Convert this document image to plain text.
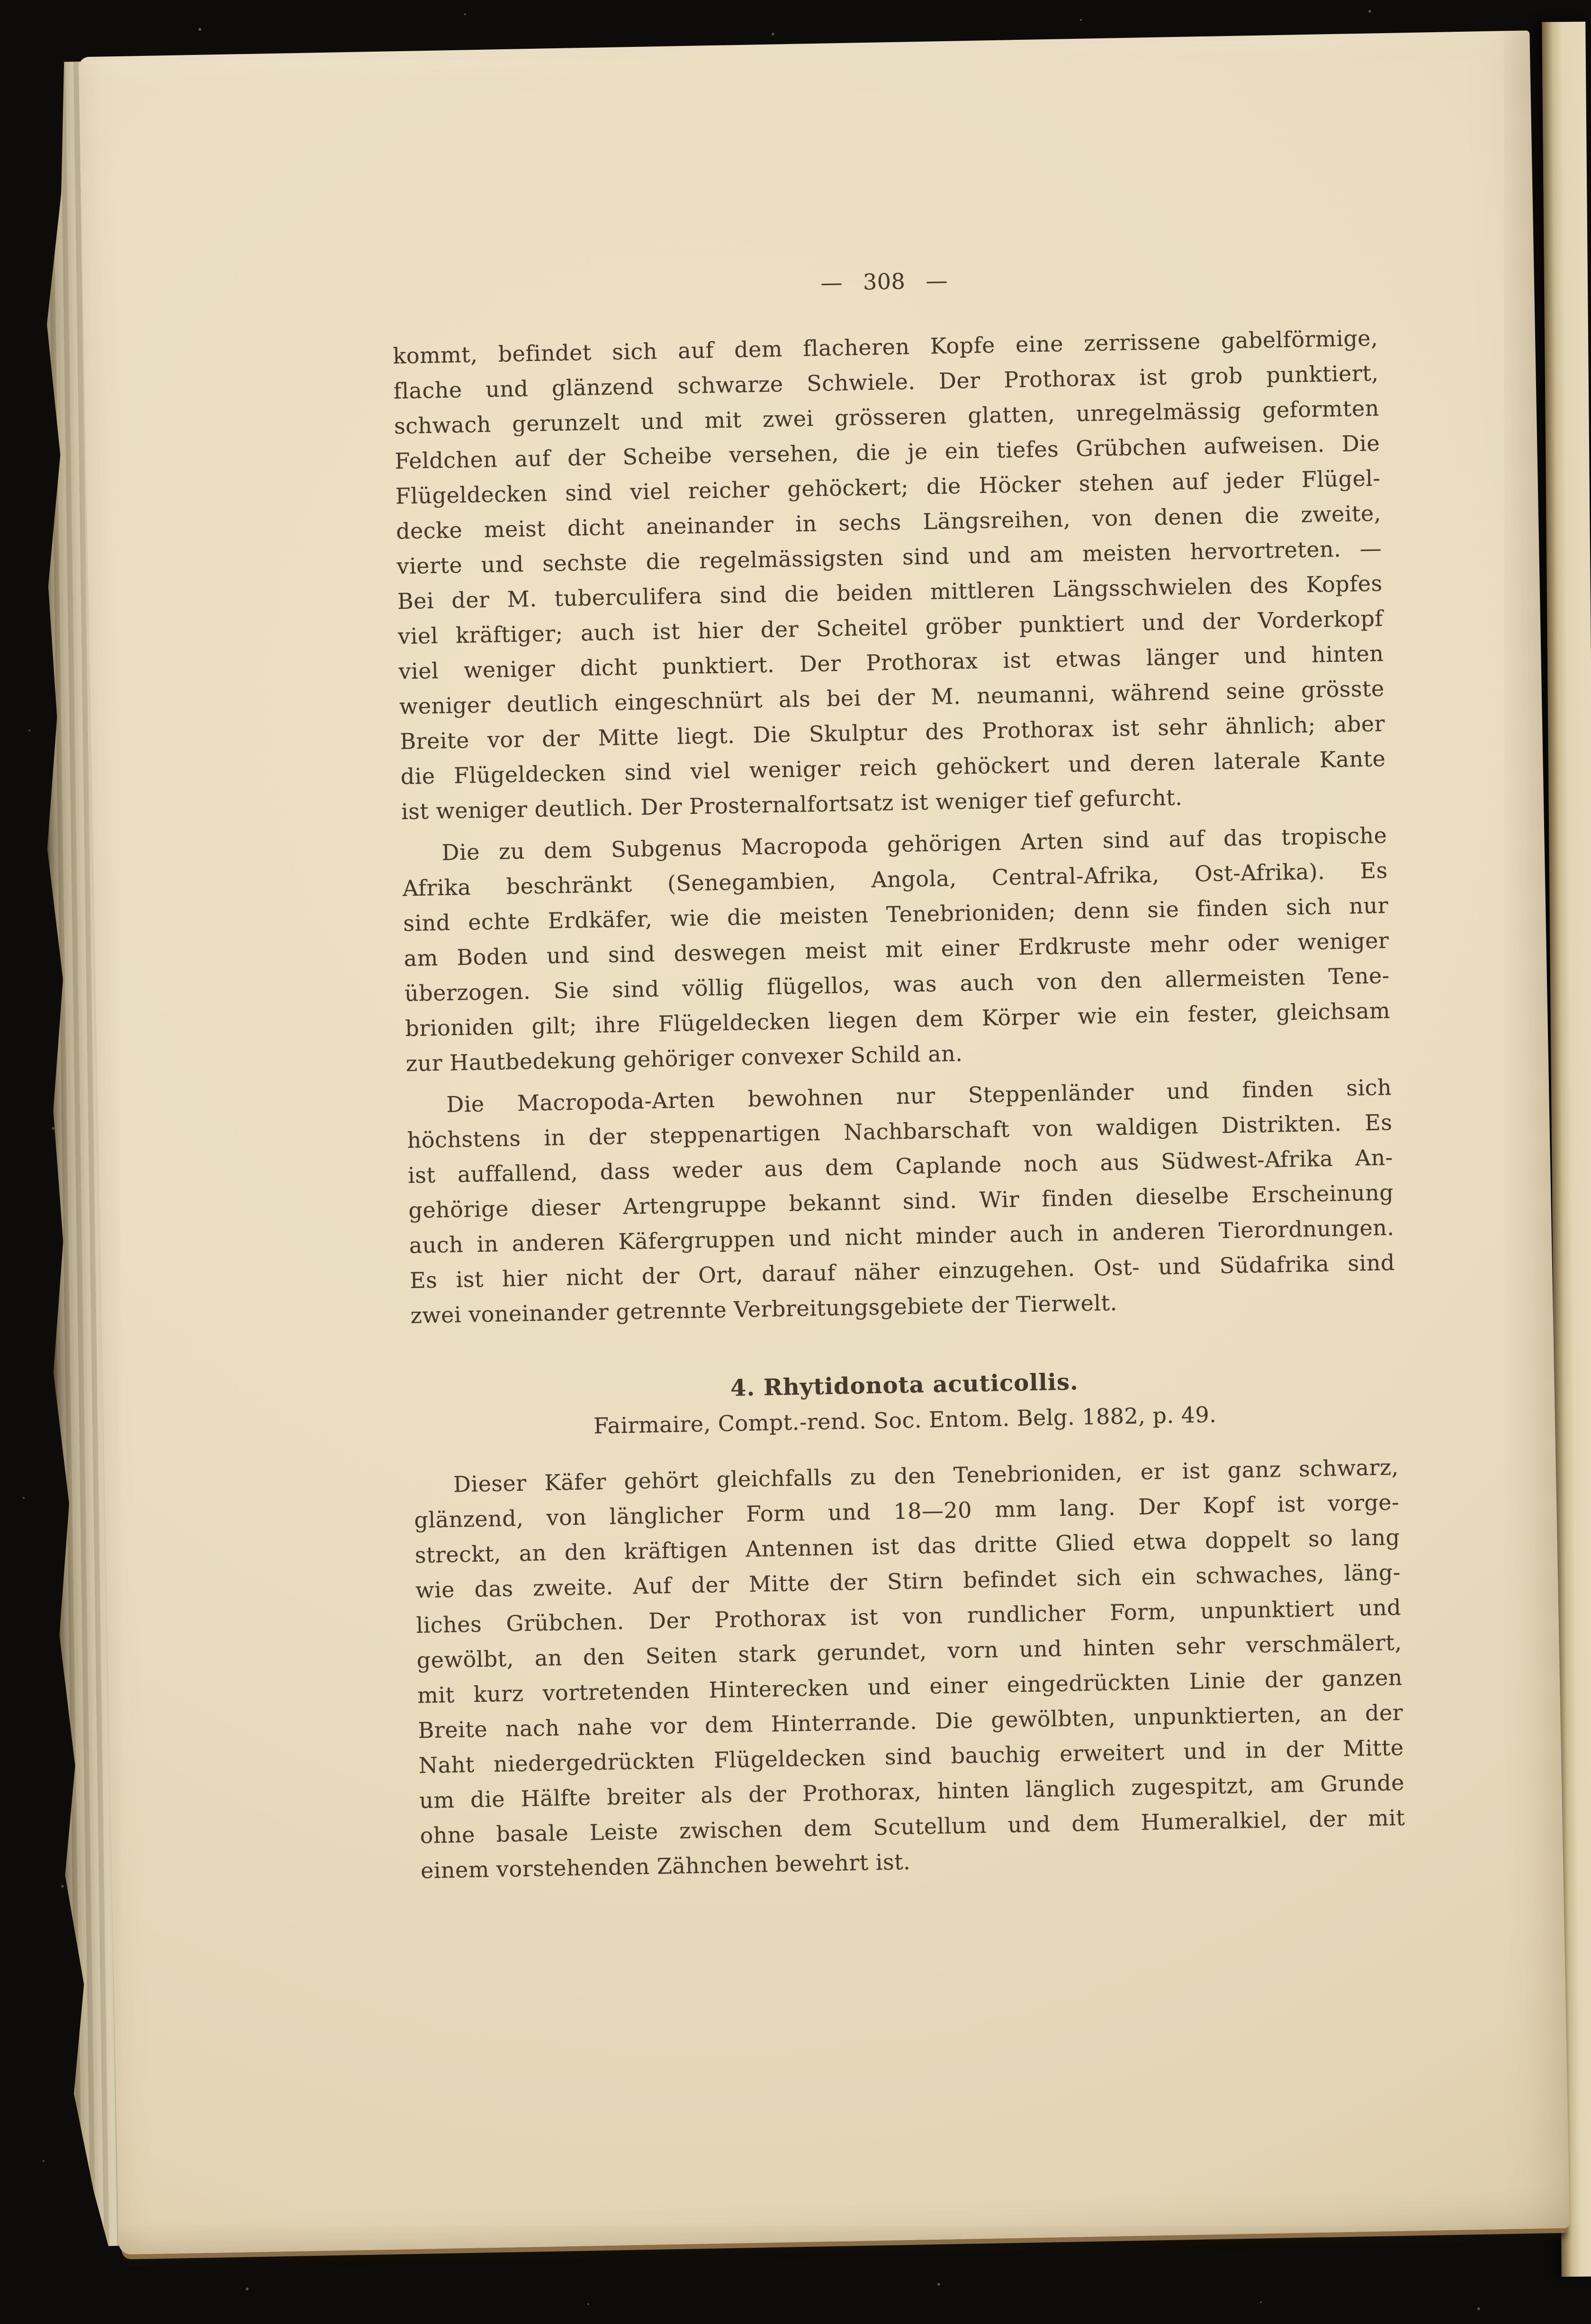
— 308 —
kommt, befindet sich auf dem flacheren Kopfe eine zerrissene gabelförmige,
flache und glänzend schwarze Schwiele. Der Prothorax ist grob punktiert,
schwach gerunzelt und mit zwei grösseren glatten, unregelmässig geformten
Feldchen auf der Scheibe versehen, die je ein tiefes Grübchen aufweisen. Die
Flügeldecken sind viel reicher gehöckert; die Höcker stehen auf jeder Flügel-
decke meist dicht aneinander in sechs Längsreihen, von denen die zweite,
vierte und sechste die regelmässigsten sind und am meisten hervortreten. —
Bei der M. tuberculifera sind die beiden mittleren Längsschwielen des Kopfes
viel kräftiger; auch ist hier der Scheitel gröber punktiert und der Vorderkopf
viel weniger dicht punktiert. Der Prothorax ist etwas länger und hinten
weniger deutlich eingeschnürt als bei der M. neumanni, während seine grösste
Breite vor der Mitte liegt. Die Skulptur des Prothorax ist sehr ähnlich; aber
die Flügeldecken sind viel weniger reich gehöckert und deren laterale Kante
ist weniger deutlich. Der Prosternalfortsatz ist weniger tief gefurcht.
Die zu dem Subgenus Macropoda gehörigen Arten sind auf das tropische
Afrika beschränkt (Senegambien, Angola, Central-Afrika, Ost-Afrika). Es
sind echte Erdkäfer, wie die meisten Tenebrioniden; denn sie finden sich nur
am Boden und sind deswegen meist mit einer Erdkruste mehr oder weniger
überzogen. Sie sind völlig flügellos, was auch von den allermeisten Tene-
brioniden gilt; ihre Flügeldecken liegen dem Körper wie ein fester, gleichsam
zur Hautbedekung gehöriger convexer Schild an.
Die Macropoda-Arten bewohnen nur Steppenländer und finden sich
höchstens in der steppenartigen Nachbarschaft von waldigen Distrikten. Es
ist auffallend, dass weder aus dem Caplande noch aus Südwest-Afrika An-
gehörige dieser Artengruppe bekannt sind. Wir finden dieselbe Erscheinung
auch in anderen Käfergruppen und nicht minder auch in anderen Tierordnungen.
Es ist hier nicht der Ort, darauf näher einzugehen. Ost- und Südafrika sind
zwei voneinander getrennte Verbreitungsgebiete der Tierwelt.
4. Rhytidonota acuticollis.
Fairmaire, Compt.-rend. Soc. Entom. Belg. 1882, p. 49.
Dieser Käfer gehört gleichfalls zu den Tenebrioniden, er ist ganz schwarz,
glänzend, von länglicher Form und 18—20 mm lang. Der Kopf ist vorge-
streckt, an den kräftigen Antennen ist das dritte Glied etwa doppelt so lang
wie das zweite. Auf der Mitte der Stirn befindet sich ein schwaches, läng-
liches Grübchen. Der Prothorax ist von rundlicher Form, unpunktiert und
gewölbt, an den Seiten stark gerundet, vorn und hinten sehr verschmälert,
mit kurz vortretenden Hinterecken und einer eingedrückten Linie der ganzen
Breite nach nahe vor dem Hinterrande. Die gewölbten, unpunktierten, an der
Naht niedergedrückten Flügeldecken sind bauchig erweitert und in der Mitte
um die Hälfte breiter als der Prothorax, hinten länglich zugespitzt, am Grunde
ohne basale Leiste zwischen dem Scutellum und dem Humeralkiel, der mit
einem vorstehenden Zähnchen bewehrt ist.
